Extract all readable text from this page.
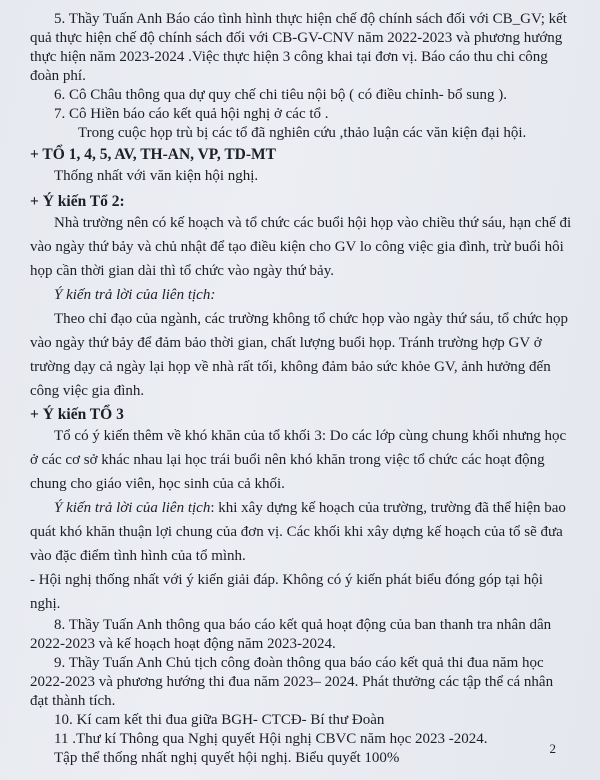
5. Thầy Tuấn Anh Báo cáo tình hình thực hiện chế độ chính sách đối với CB_GV; kết quả thực hiện chế độ chính sách đối với CB-GV-CNV năm 2022-2023 và phương hướng thực hiện năm 2023-2024 .Việc thực hiện 3 công khai tại đơn vị. Báo cáo thu chi công đoàn phí.

6. Cô Châu thông qua dự quy chế chi tiêu nội bộ ( có điều chỉnh- bổ sung ).

7. Cô Hiền báo cáo kết quả hội nghị ở các tổ .

Trong cuộc họp trù bị các tổ đã nghiên cứu ,thảo luận các văn kiện đại hội.

+ TỔ 1, 4, 5, AV, TH-AN, VP, TD-MT

Thống nhất với văn kiện hội nghị.

+ Ý kiến Tổ 2:

Nhà trường nên có kế hoạch và tổ chức các buổi hội họp vào chiều thứ sáu, hạn chế đi vào ngày thứ bảy và chủ nhật để tạo điều kiện cho GV lo công việc gia đình, trừ buổi hôi họp cần thời gian dài thì tổ chức vào ngày thứ bảy.

Ý kiến trả lời của liên tịch:

Theo chỉ đạo của ngành, các trường không tổ chức họp vào ngày thứ sáu, tổ chức họp vào ngày thứ bảy để đảm bảo thời gian, chất lượng buổi họp. Tránh trường hợp GV ở trường dạy cả ngày lại họp về nhà rất tối, không đảm bảo sức khỏe GV, ảnh hưởng đến công việc gia đình.

+ Ý kiến TỔ 3

Tổ có ý kiến thêm về khó khăn của tổ khối 3: Do các lớp cùng chung khối nhưng học ở các cơ sở khác nhau lại học trái buổi nên khó khăn trong việc tổ chức các hoạt động chung cho giáo viên, học sinh của cả khối.

Ý kiến trả lời của liên tịch: khi xây dựng kế hoạch của trường, trường đã thể hiện bao quát khó khăn thuận lợi chung của đơn vị. Các khối khi xây dựng kế hoạch của tổ sẽ đưa vào đặc điểm tình hình của tổ mình.

- Hội nghị thống nhất với ý kiến giải đáp. Không có ý kiến phát biểu đóng góp tại hội nghị.

8. Thầy Tuấn Anh thông qua báo cáo kết quả hoạt động của ban thanh tra nhân dân 2022-2023 và kế hoạch hoạt động năm 2023-2024.

9. Thầy Tuấn Anh Chủ tịch công đoàn thông qua báo cáo kết quả thi đua năm học 2022-2023 và phương hướng thi đua năm 2023– 2024. Phát thưởng các tập thể cá nhân đạt thành tích.

10. Kí cam kết thi đua giữa BGH- CTCĐ- Bí thư Đoàn

11 .Thư kí Thông qua Nghị quyết Hội nghị CBVC năm học 2023 -2024.

Tập thể thống nhất nghị quyết hội nghị. Biểu quyết 100%

2
